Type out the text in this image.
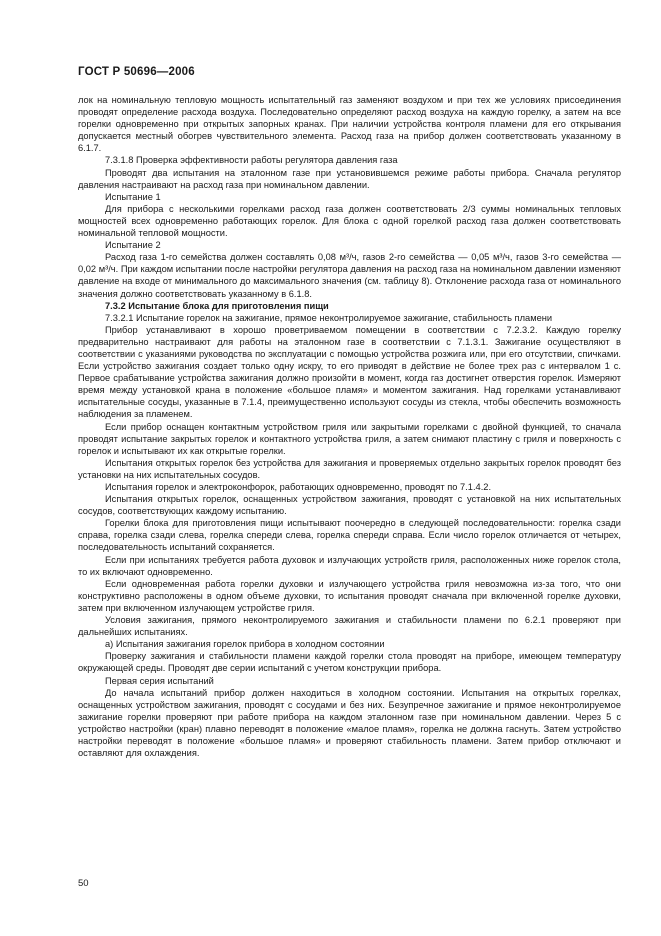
ГОСТ Р 50696—2006

лок на номинальную тепловую мощность испытательный газ заменяют воздухом и при тех же условиях присоединения проводят определение расхода воздуха. Последовательно определяют расход воздуха на каждую горелку, а затем на все горелки одновременно при открытых запорных кранах. При наличии устройства контроля пламени для его открывания допускается местный обогрев чувствительного элемента. Расход газа на прибор должен соответствовать указанному в 6.1.7.

7.3.1.8 Проверка эффективности работы регулятора давления газа

Проводят два испытания на эталонном газе при установившемся режиме работы прибора. Сначала регулятор давления настраивают на расход газа при номинальном давлении.

Испытание 1

Для прибора с несколькими горелками расход газа должен соответствовать 2/3 суммы номинальных тепловых мощностей всех одновременно работающих горелок. Для блока с одной горелкой расход газа должен соответствовать номинальной тепловой мощности.

Испытание 2

Расход газа 1-го семейства должен составлять 0,08 м³/ч, газов 2-го семейства — 0,05 м³/ч, газов 3-го семейства — 0,02 м³/ч. При каждом испытании после настройки регулятора давления на расход газа на номинальном давлении изменяют давление на входе от минимального до максимального значения (см. таблицу 8). Отклонение расхода газа от номинального значения должно соответствовать указанному в 6.1.8.

7.3.2 Испытание блока для приготовления пищи

7.3.2.1 Испытание горелок на зажигание, прямое неконтролируемое зажигание, стабильность пламени

Прибор устанавливают в хорошо проветриваемом помещении в соответствии с 7.2.3.2. Каждую горелку предварительно настраивают для работы на эталонном газе в соответствии с 7.1.3.1. Зажигание осуществляют в соответствии с указаниями руководства по эксплуатации с помощью устройства розжига или, при его отсутствии, спичками. Если устройство зажигания создает только одну искру, то его приводят в действие не более трех раз с интервалом 1 с. Первое срабатывание устройства зажигания должно произойти в момент, когда газ достигнет отверстия горелок. Измеряют время между установкой крана в положение «большое пламя» и моментом зажигания. Над горелками устанавливают испытательные сосуды, указанные в 7.1.4, преимущественно используют сосуды из стекла, чтобы обеспечить возможность наблюдения за пламенем.

Если прибор оснащен контактным устройством гриля или закрытыми горелками с двойной функцией, то сначала проводят испытание закрытых горелок и контактного устройства гриля, а затем снимают пластину с гриля и поверхность с горелок и испытывают их как открытые горелки.

Испытания открытых горелок без устройства для зажигания и проверяемых отдельно закрытых горелок проводят без установки на них испытательных сосудов.

Испытания горелок и электроконфорок, работающих одновременно, проводят по 7.1.4.2.

Испытания открытых горелок, оснащенных устройством зажигания, проводят с установкой на них испытательных сосудов, соответствующих каждому испытанию.

Горелки блока для приготовления пищи испытывают поочередно в следующей последовательности: горелка сзади справа, горелка сзади слева, горелка спереди слева, горелка спереди справа. Если число горелок отличается от четырех, последовательность испытаний сохраняется.

Если при испытаниях требуется работа духовок и излучающих устройств гриля, расположенных ниже горелок стола, то их включают одновременно.

Если одновременная работа горелки духовки и излучающего устройства гриля невозможна из-за того, что они конструктивно расположены в одном объеме духовки, то испытания проводят сначала при включенной горелке духовки, затем при включенном излучающем устройстве гриля.

Условия зажигания, прямого неконтролируемого зажигания и стабильности пламени по 6.2.1 проверяют при дальнейших испытаниях.

а) Испытания зажигания горелок прибора в холодном состоянии

Проверку зажигания и стабильности пламени каждой горелки стола проводят на приборе, имеющем температуру окружающей среды. Проводят две серии испытаний с учетом конструкции прибора.

Первая серия испытаний

До начала испытаний прибор должен находиться в холодном состоянии. Испытания на открытых горелках, оснащенных устройством зажигания, проводят с сосудами и без них. Безупречное зажигание и прямое неконтролируемое зажигание горелки проверяют при работе прибора на каждом эталонном газе при номинальном давлении. Через 5 с устройство настройки (кран) плавно переводят в положение «малое пламя», горелка не должна гаснуть. Затем устройство настройки переводят в положение «большое пламя» и проверяют стабильность пламени. Затем прибор отключают и оставляют для охлаждения.

50
